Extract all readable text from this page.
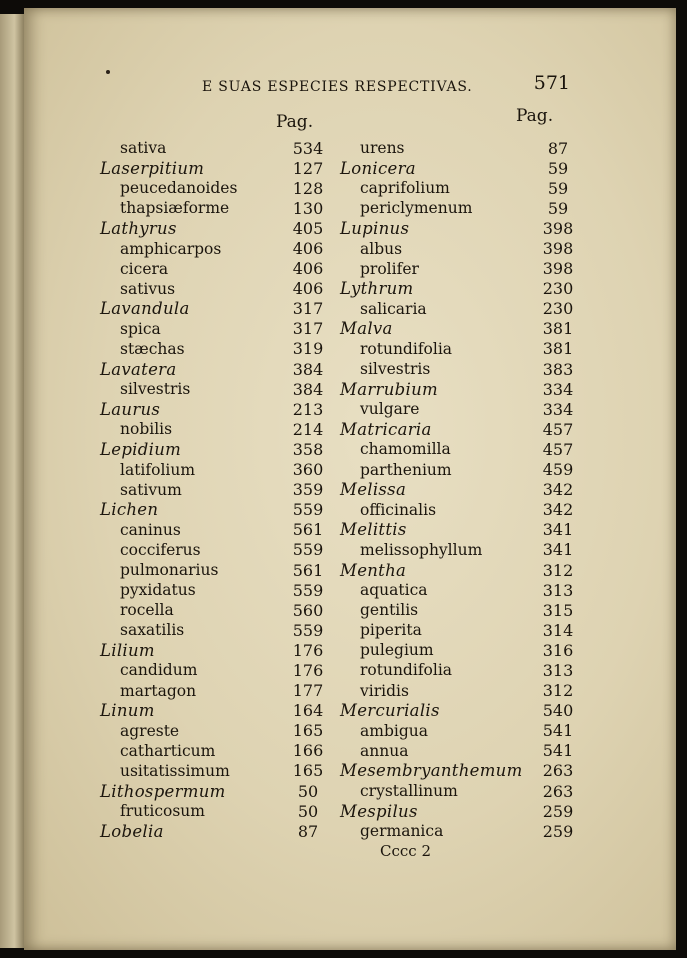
E SUAS ESPECIES RESPECTIVAS.	571
Pag.	Pag.
sativa	534
Laserpitium	127
peucedanoides	128
thapsiæforme	130
Lathyrus	405
amphicarpos	406
cicera	406
sativus	406
Lavandula	317
spica	317
stæchas	319
Lavatera	384
silvestris	384
Laurus	213
nobilis	214
Lepidium	358
latifolium	360
sativum	359
Lichen	559
caninus	561
cocciferus	559
pulmonarius	561
pyxidatus	559
rocella	560
saxatilis	559
Lilium	176
candidum	176
martagon	177
Linum	164
agreste	165
catharticum	166
usitatissimum	165
Lithospermum	50
fruticosum	50
Lobelia	87
urens	87
Lonicera	59
caprifolium	59
periclymenum	59
Lupinus	398
albus	398
prolifer	398
Lythrum	230
salicaria	230
Malva	381
rotundifolia	381
silvestris	383
Marrubium	334
vulgare	334
Matricaria	457
chamomilla	457
parthenium	459
Melissa	342
officinalis	342
Melittis	341
melissophyllum	341
Mentha	312
aquatica	313
gentilis	315
piperita	314
pulegium	316
rotundifolia	313
viridis	312
Mercurialis	540
ambigua	541
annua	541
Mesembryanthemum 263
crystallinum	263
Mespilus	259
germanica	259
Cccc 2
